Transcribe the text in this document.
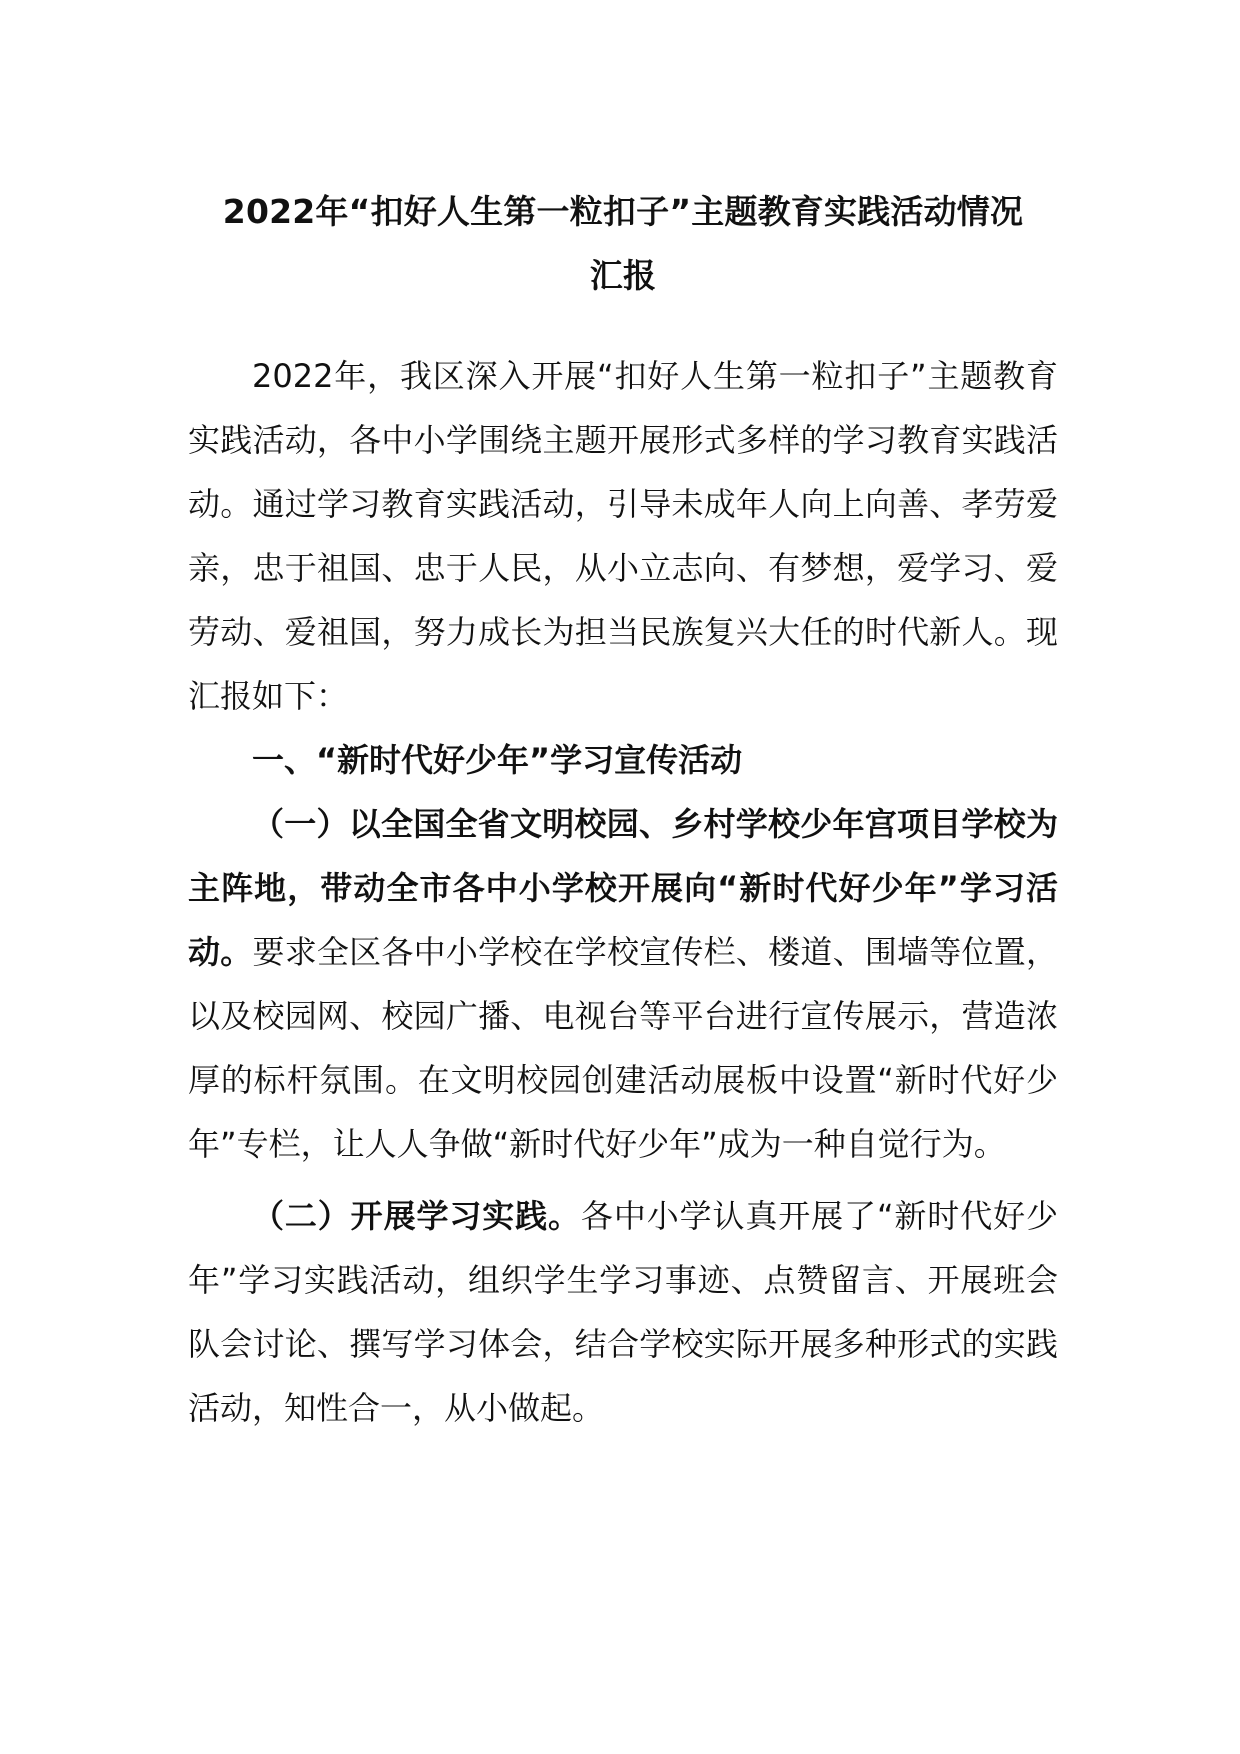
2022年“扣好人生第一粒扣子”主题教育实践活动情况
汇报

2022年，我区深入开展“扣好人生第一粒扣子”主题教育实践活动，各中小学围绕主题开展形式多样的学习教育实践活动。通过学习教育实践活动，引导未成年人向上向善、孝劳爱亲，忠于祖国、忠于人民，从小立志向、有梦想，爱学习、爱劳动、爱祖国，努力成长为担当民族复兴大任的时代新人。现汇报如下：

一、“新时代好少年”学习宣传活动

（一）以全国全省文明校园、乡村学校少年宫项目学校为主阵地，带动全市各中小学校开展向“新时代好少年”学习活动。要求全区各中小学校在学校宣传栏、楼道、围墙等位置，以及校园网、校园广播、电视台等平台进行宣传展示，营造浓厚的标杆氛围。在文明校园创建活动展板中设置“新时代好少年”专栏，让人人争做“新时代好少年”成为一种自觉行为。

（二）开展学习实践。各中小学认真开展了“新时代好少年”学习实践活动，组织学生学习事迹、点赞留言、开展班会队会讨论、撰写学习体会，结合学校实际开展多种形式的实践活动，知性合一，从小做起。
